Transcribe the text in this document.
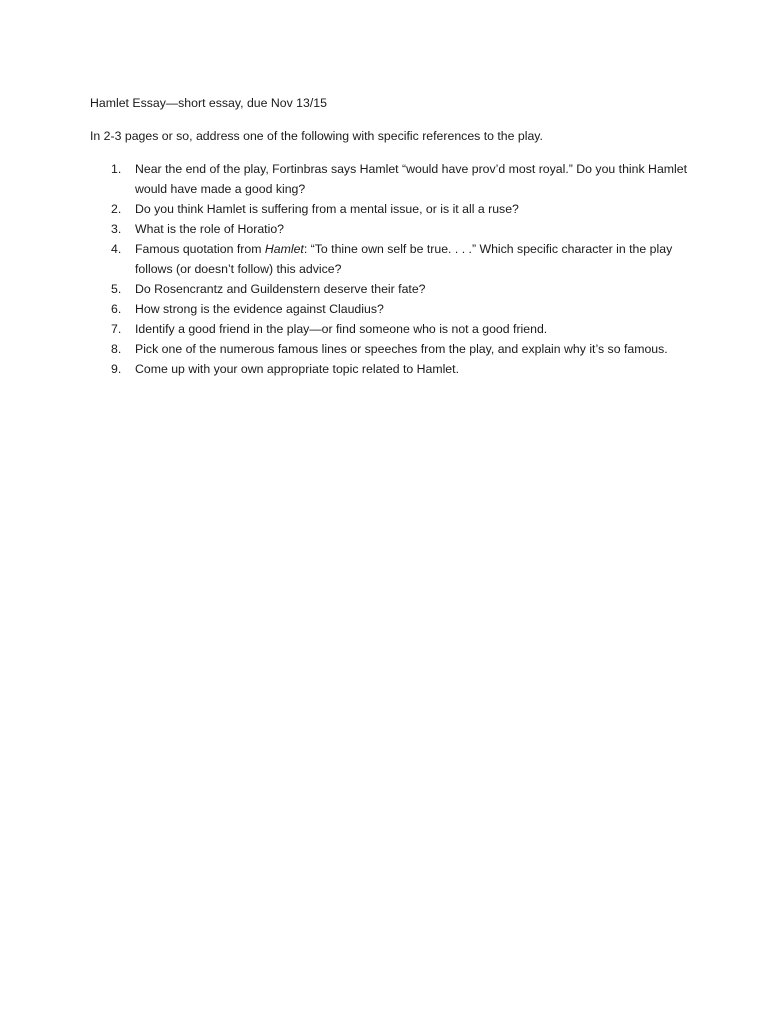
Hamlet Essay—short essay, due Nov 13/15

In 2-3 pages or so, address one of the following with specific references to the play.

1. Near the end of the play, Fortinbras says Hamlet “would have prov’d most royal.” Do you think Hamlet would have made a good king?
2. Do you think Hamlet is suffering from a mental issue, or is it all a ruse?
3. What is the role of Horatio?
4. Famous quotation from Hamlet: “To thine own self be true. . . .” Which specific character in the play follows (or doesn’t follow) this advice?
5. Do Rosencrantz and Guildenstern deserve their fate?
6. How strong is the evidence against Claudius?
7. Identify a good friend in the play—or find someone who is not a good friend.
8. Pick one of the numerous famous lines or speeches from the play, and explain why it’s so famous.
9. Come up with your own appropriate topic related to Hamlet.
